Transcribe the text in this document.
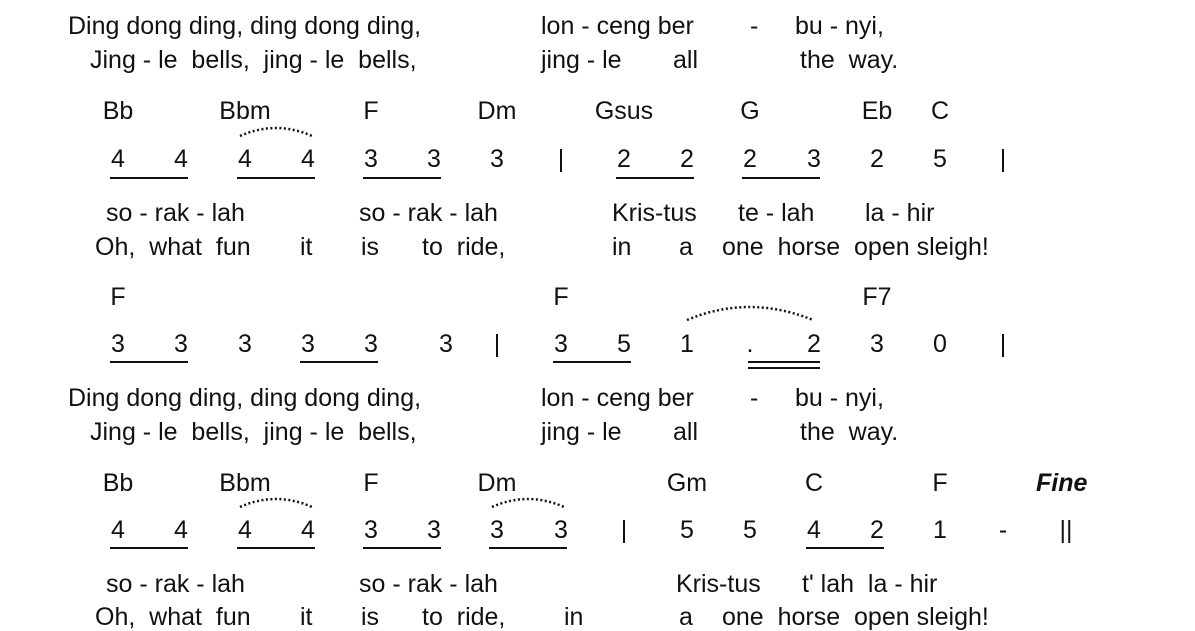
Ding dong ding, ding dong ding,	lon - ceng ber - bu - nyi,
Jing - le  bells,  jing - le  bells,	jing - le all	the  way.
Bb	Bbm	F	Dm	Gsus	G	Eb C
4 4 4 4 3 3 3 | 2 2 2 3 2 5 |
so - rak - lah	so - rak - lah	Kris-tus te - lah la - hir
Oh,  what  fun it is to  ride,	in a one  horse  open sleigh!
F	F	F7
3 3 3 3 3 3 | 3 5 1 . 2 3 0 |
Ding dong ding, ding dong ding,	lon - ceng ber - bu - nyi,
Jing - le  bells,  jing - le  bells,	jing - le all	the  way.
Bb	Bbm	F	Dm	Gm	C	F	Fine
4 4 4 4 3 3 3 3 | 5 5 4 2 1 - ||
so - rak - lah	so - rak - lah	Kris-tus t' lah  la - hir
Oh,  what  fun it is to  ride, in	a one  horse  open sleigh!
